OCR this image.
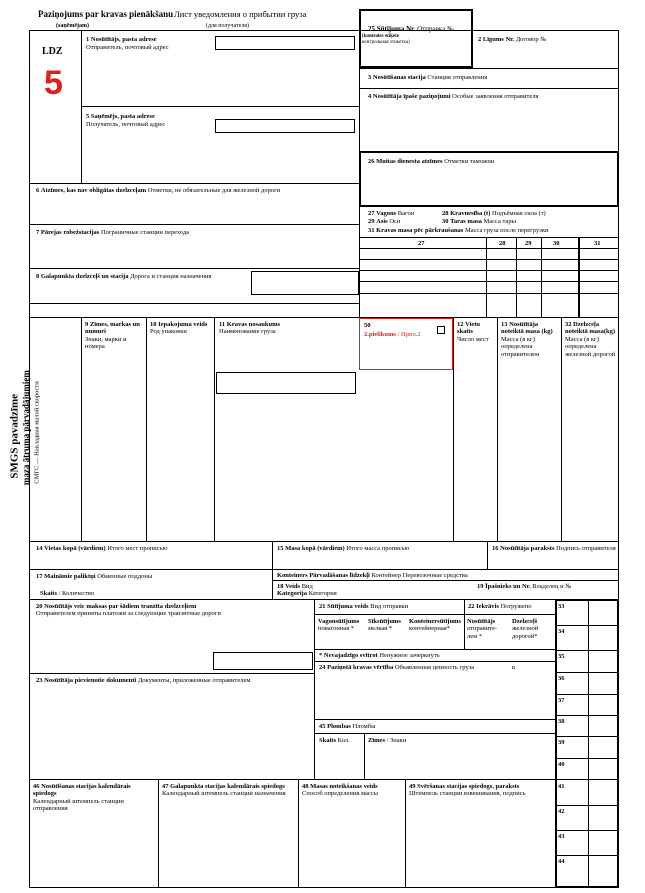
Paziņojums par kravas pienākšanu Лист уведомления о прибытии груза
(saņēmējam)	(для получателя)
LDZ
5
1 Nosūtītājs, pasta adrese
Отправитель, почтовый адрес
5 Saņēmējs, pasta adrese
Получатель, почтовый адрес
25 Sūtījuma Nr. Отправка №
(kontroles etiķete
контрольная этикетка)	2 Līgums Nr. Договор №
3 Nosūtīšanas stacija Станция отправления
4 Nosūtītāja īpaše paziņojumi Особые заявления отправителя
26 Muitas dienesta atzīmes Отметки таможни
6 Atzīmes, kas nav obligātas dzelzceļam Отметки, не обязательные для железной дороги
7 Pārejas robežstacijas Пограничные станции перехода
8 Galapunkta dzelzceļš un stacija Дорога и станция назначения
27 Vagons Вагон	28 Kravnesība (t) Подъёмная сила (т)
29 Asis Оси	30 Taras masa Масса тары
31 Kravas masa pēc pārkraušanas Масса груза после перегрузки
27	28	29	30	31
9 Zīmes, markas un numuri
Знаки, марки и номера
10 Iepakojuma veids
Род упаковки
11 Kravas nosaukums
Наименование груза
50
2.pielikums / Прил.2
12 Vietu skaits
Число мест
13 Nosūtītāja noteiktā masa (kg)
Масса (в кг) определена отправителем
32 Dzelzceļa noteiktā masa(kg)
Масса (в кг) определена железной дорогой
SMGS pavadzīme maza ātruma pārvadājumiem СМГС — Накладная малой скорости
14 Vietas kopā (vārdiem) Итого мест прописью	15 Masa kopā (vārdiem) Итого масса прописью	16 Nosūtītāja paraksts Подпись отправителя
17 Maināmie paliktņi Обменные поддоны
Skaits / Количество
Konteiners Pārvadāšanas līdzekļi Контейнер Перевозочные средства
18 Veids Вид
Kategorija Категория
19 Īpašnieks un Nr. Владелец и №
20 Nosūtītājs veic maksas par šādiem tranzīta dzelzceļiem
Отправителем приняты платежи за следующие транзитные дороги
23 Nosūtītāja pievienotie dokumenti Документы, приложенные отправителем
21 Sūtījuma veids Вид отправки	22 Iekrāvis Погружено
Vagonsūtījums
повагонная *
Sīksūtījums
мелкая *
Konteinersūtījums
контейнерная*
Nosūtītājs
отправите-лем *
Dzelzceļš
железной дорогой*
* Nevajadzīgo svītrot Ненужное зачеркнуть
24 Paziņotā kravas vērtība Объявленная ценность груза	в
45 Plombas Пломбы
Skaits Кол.	Zīmes / Знаки
33
34
35
36
37
38
39
40
41
42
43
44
46 Nosūtīšanas stacijas kalendārais spiedogs
Календарный штемпель станции отправления
47 Galapunkta stacijas kalendārais spiedogs
Календарный штемпель станции назначения
48 Masas noteikšanas veids
Способ определения массы
49 Svēršanas stacijas spiedogs, paraksts
Штемпель станции взвешивания, подпись
